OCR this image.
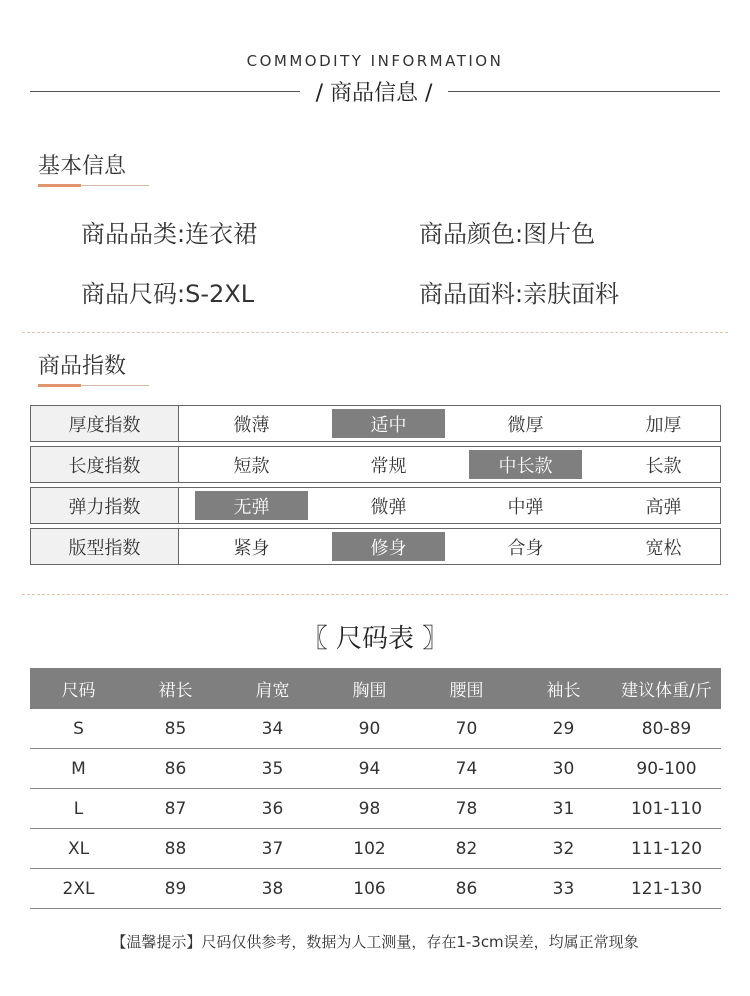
COMMODITY INFORMATION
/ 商品信息 /
基本信息
商品品类:连衣裙	商品颜色:图片色
商品尺码:S-2XL	商品面料:亲肤面料
商品指数
厚度指数	微薄	适中	微厚	加厚
长度指数	短款	常规	中长款	长款
弹力指数	无弹	微弹	中弹	高弹
版型指数	紧身	修身	合身	宽松
〖 尺码表 〗
尺码	裙长	肩宽	胸围	腰围	袖长	建议体重/斤
S	85	34	90	70	29	80-89
M	86	35	94	74	30	90-100
L	87	36	98	78	31	101-110
XL	88	37	102	82	32	111-120
2XL	89	38	106	86	33	121-130
【温馨提示】尺码仅供参考，数据为人工测量，存在1-3cm误差，均属正常现象
